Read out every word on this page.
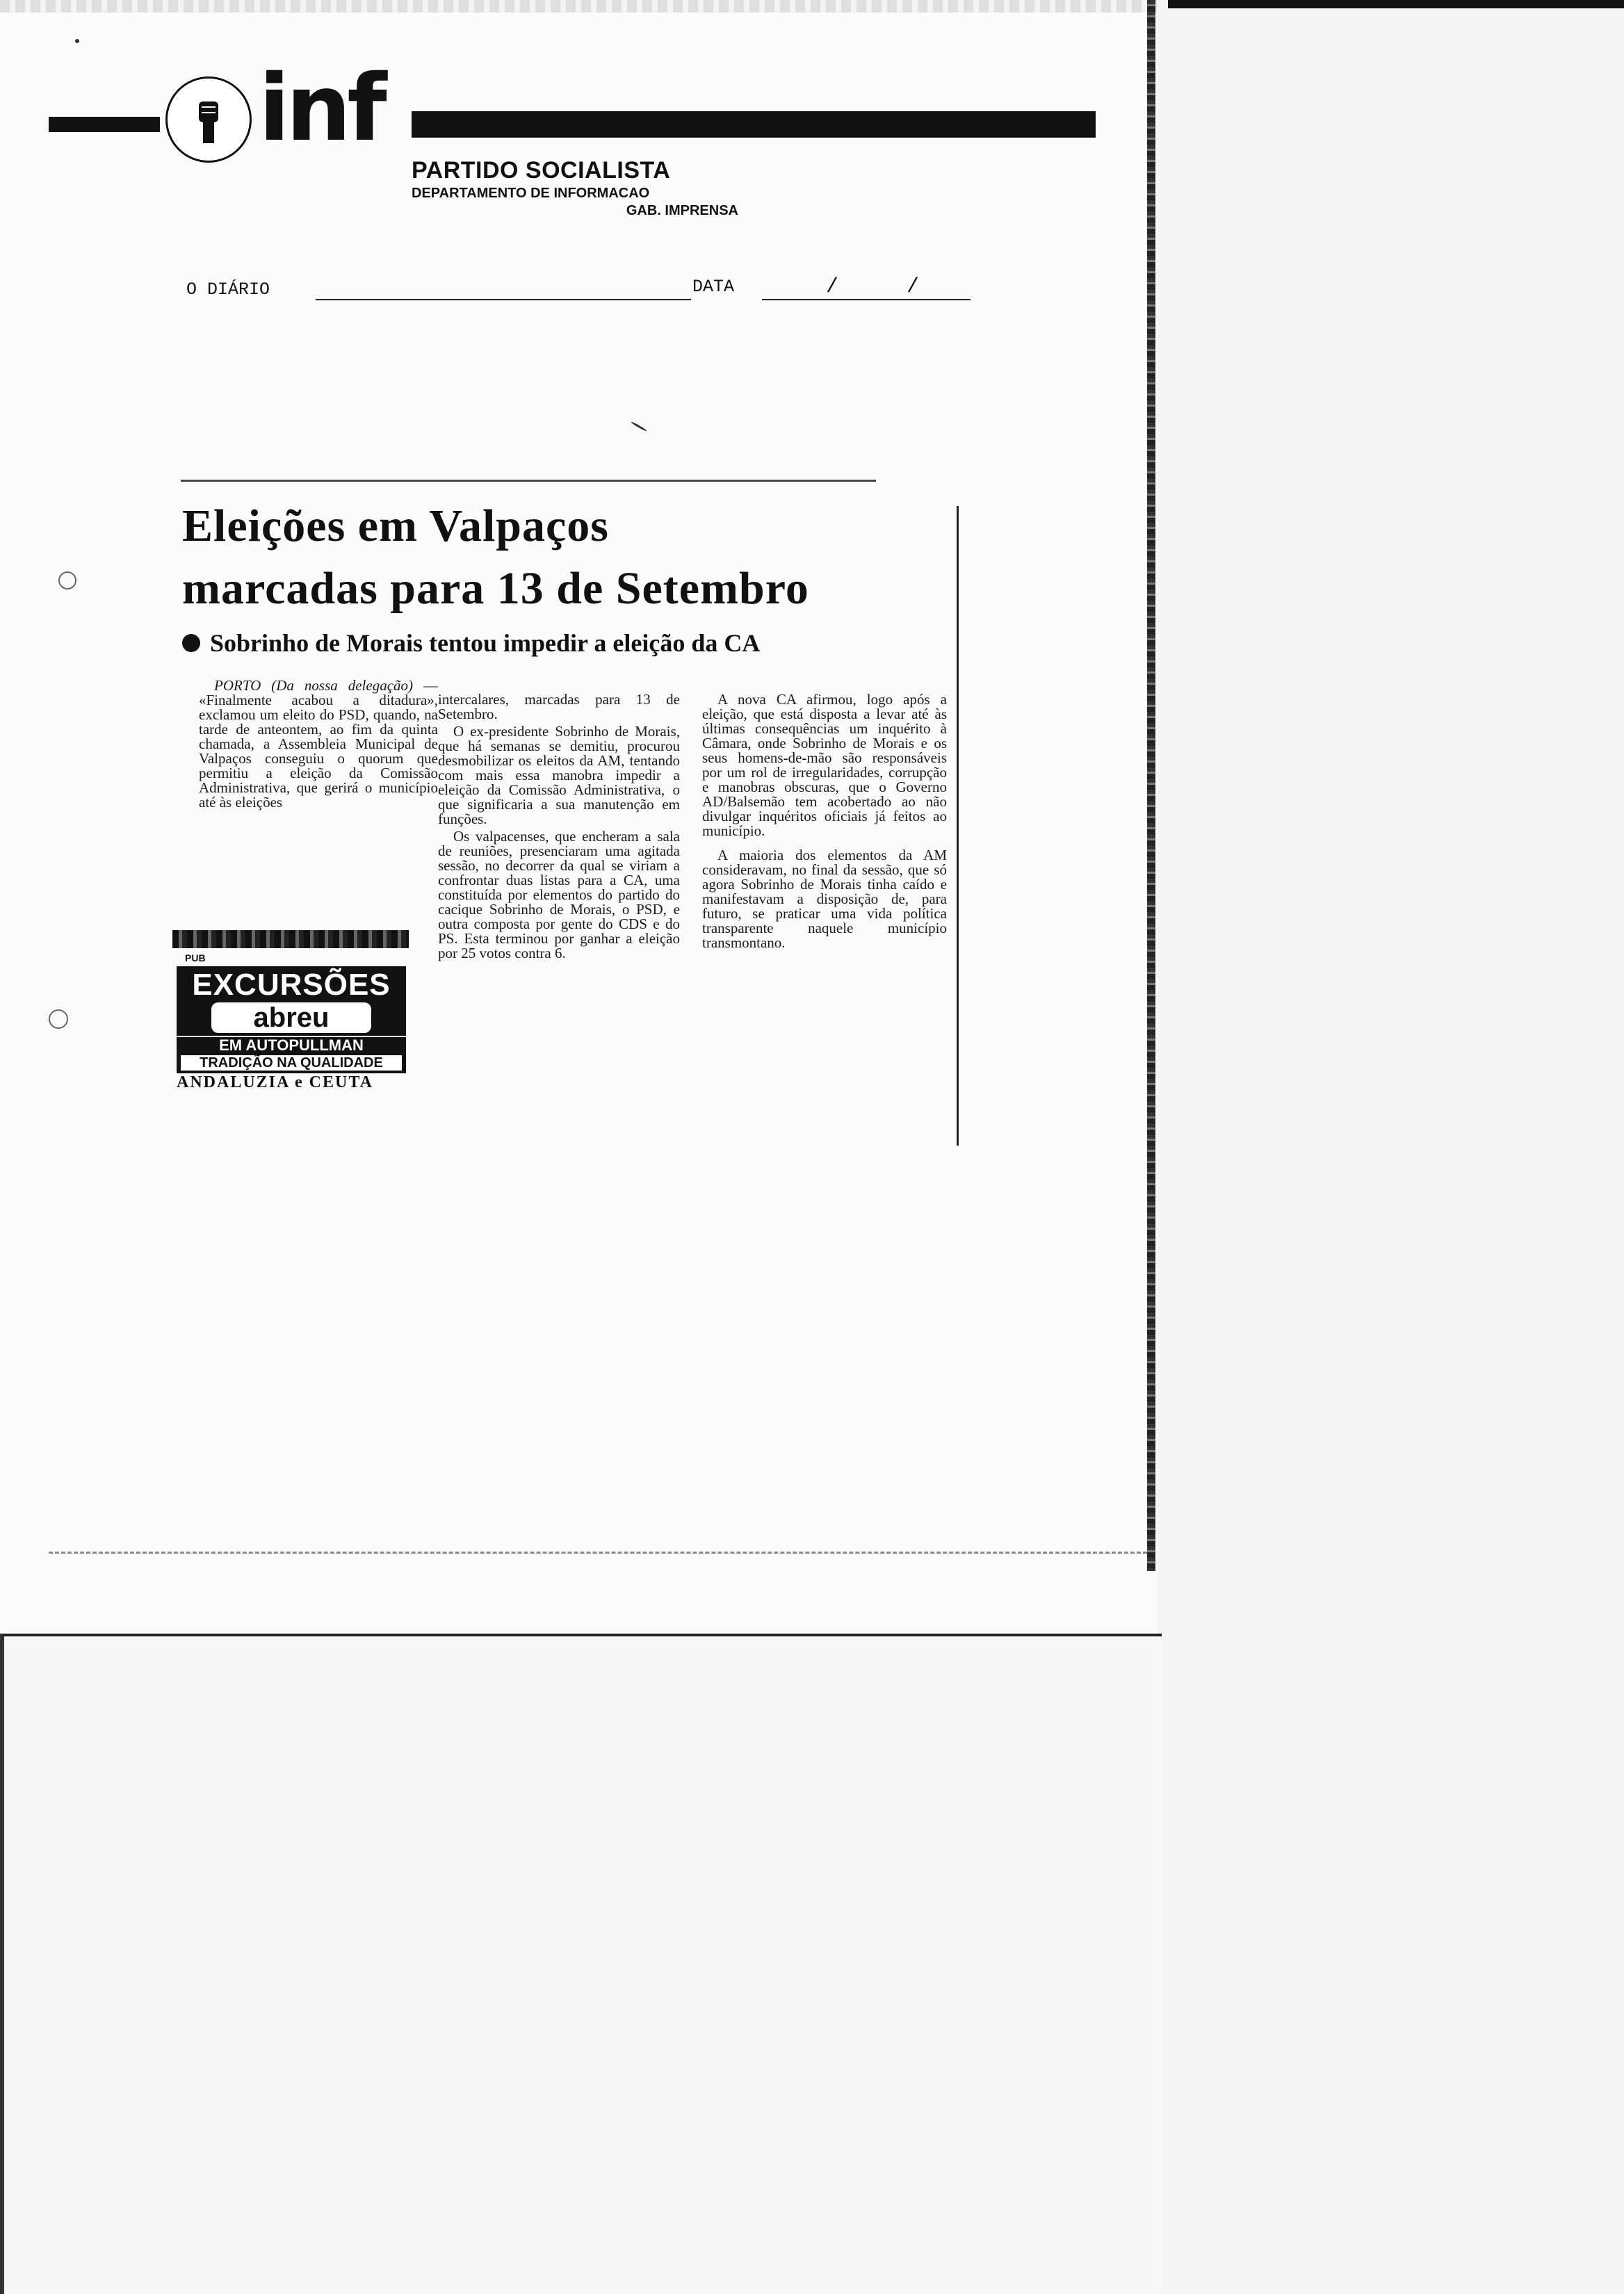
inf
PARTIDO SOCIALISTA
DEPARTAMENTO DE INFORMACAO
GAB. IMPRENSA
O DIÁRIO	DATA	/	/
Eleições em Valpaços
marcadas para 13 de Setembro
Sobrinho de Morais tentou impedir a eleição da CA

PORTO (Da nossa delegação) — «Finalmente acabou a ditadura», exclamou um eleito do PSD, quando, na tarde de anteontem, ao fim da quinta chamada, a Assembleia Municipal de Valpaços conseguiu o quorum que permitiu a eleição da Comissão Administrativa, que gerirá o município até às eleições

intercalares, marcadas para 13 de Setembro.

O ex-presidente Sobrinho de Morais, que há semanas se demitiu, procurou desmobilizar os eleitos da AM, tentando com mais essa manobra impedir a eleição da Comissão Administrativa, o que significaria a sua manutenção em funções.

Os valpacenses, que encheram a sala de reuniões, presenciaram uma agitada sessão, no decorrer da qual se viriam a confrontar duas listas para a CA, uma constituída por elementos do partido do cacique Sobrinho de Morais, o PSD, e outra composta por gente do CDS e do PS. Esta terminou por ganhar a eleição por 25 votos contra 6.

A nova CA afirmou, logo após a eleição, que está disposta a levar até às últimas consequências um inquérito à Câmara, onde Sobrinho de Morais e os seus homens-de-mão são responsáveis por um rol de irregularidades, corrupção e manobras obscuras, que o Governo AD/Balsemão tem acobertado ao não divulgar inquéritos oficiais já feitos ao município.

A maioria dos elementos da AM consideravam, no final da sessão, que só agora Sobrinho de Morais tinha caído e manifestavam a disposição de, para futuro, se praticar uma vida política transparente naquele município transmontano.

PUB
EXCURSÕES
abreu
EM AUTOPULLMAN
TRADIÇÃO NA QUALIDADE
ANDALUZIA e CEUTA
